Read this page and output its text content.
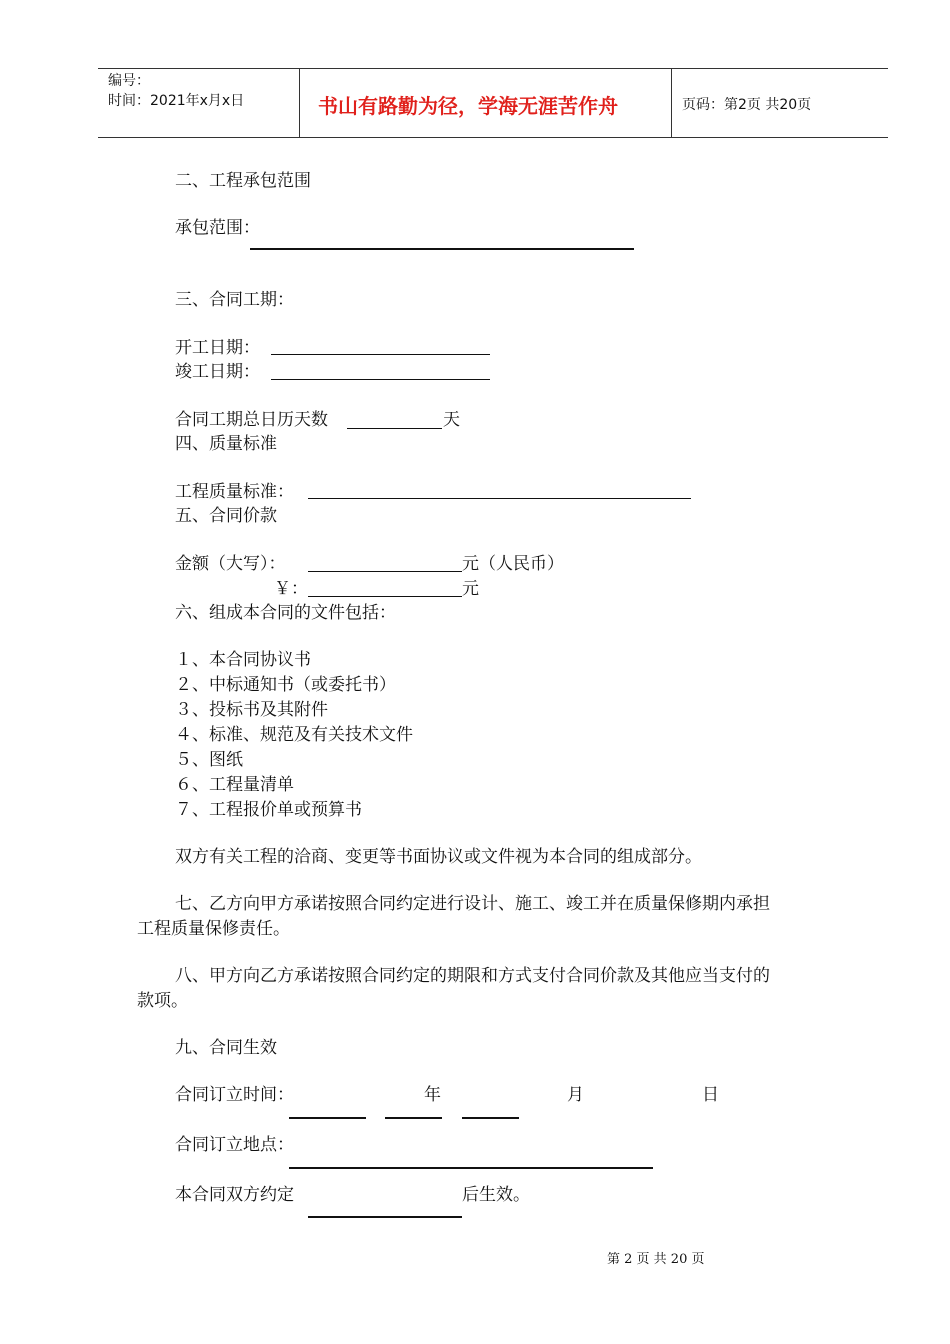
编号：
时间：2021年x月x日	书山有路勤为径，学海无涯苦作舟	页码：第2页 共20页
二、工程承包范围
承包范围：
三、合同工期：
开工日期：
竣工日期：
合同工期总日历天数	天
四、质量标准
工程质量标准：
五、合同价款
金额（大写）：	元（人民币）
￥：	元
六、组成本合同的文件包括：
１、本合同协议书
２、中标通知书（或委托书）
３、投标书及其附件
４、标准、规范及有关技术文件
５、图纸
６、工程量清单
７、工程报价单或预算书
双方有关工程的洽商、变更等书面协议或文件视为本合同的组成部分。
七、乙方向甲方承诺按照合同约定进行设计、施工、竣工并在质量保修期内承担
工程质量保修责任。
八、甲方向乙方承诺按照合同约定的期限和方式支付合同价款及其他应当支付的
款项。
九、合同生效
合同订立时间：	年	月	日
合同订立地点：
本合同双方约定	后生效。
第 2 页 共 20 页
